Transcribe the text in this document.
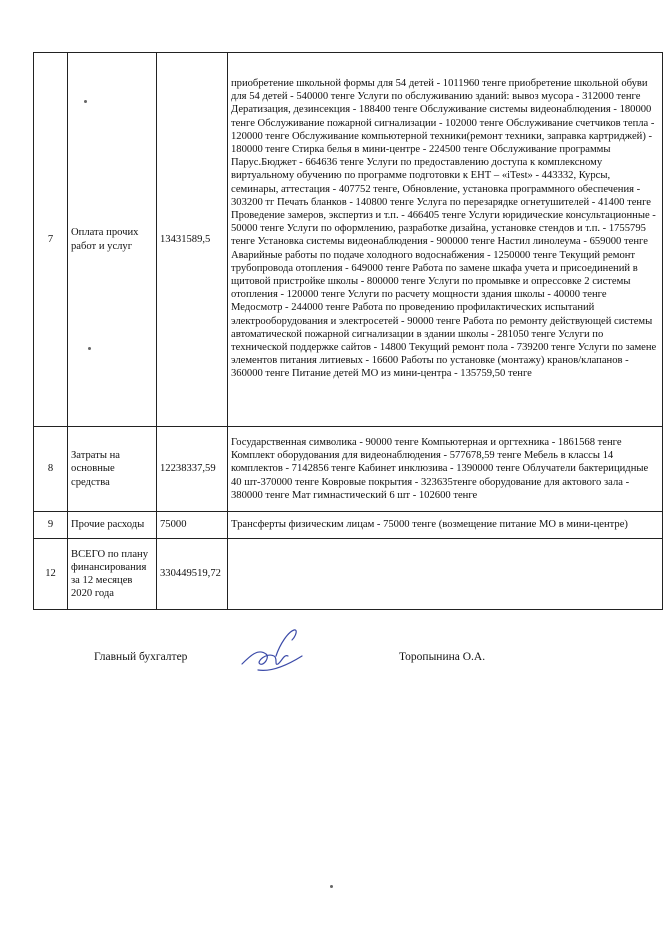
7	Оплата прочих работ и услуг	13431589,5	приобретение школьной формы для 54 детей - 1011960 тенге приобретение школьной обуви для 54 детей - 540000 тенге Услуги по обслуживанию зданий: вывоз мусора - 312000 тенге Дератизация, дезинсекция - 188400 тенге Обслуживание системы видеонаблюдения - 180000 тенге Обслуживание пожарной сигнализации - 102000 тенге Обслуживание счетчиков тепла - 120000 тенге Обслуживание компьютерной техники(ремонт техники, заправка картриджей) - 180000 тенге Стирка белья в мини-центре - 224500 тенге Обслуживание программы Парус.Бюджет - 664636 тенге Услуги по предоставлению доступа к комплексному виртуальному обучению по программе подготовки к ЕНТ – «iTest» - 443332, Курсы, семинары, аттестация - 407752 тенге, Обновление, установка программного обеспечения - 303200 тг Печать бланков - 140800 тенге Услуга по перезарядке огнетушителей - 41400 тенге Проведение замеров, экспертиз и т.п. - 466405 тенге Услуги юридические консультационные - 50000 тенге Услуги по оформлению, разработке дизайна, установке стендов и т.п. - 1755795 тенге Установка системы видеонаблюдения - 900000 тенге Настил линолеума - 659000 тенге Аварийные работы по подаче холодного водоснабжения - 1250000 тенге Текущий ремонт трубопровода отопления - 649000 тенге Работа по замене шкафа учета и присоединений в щитовой пристройке школы - 800000 тенге Услуги по промывке и опрессовке 2 системы отопления - 120000 тенге Услуги по расчету мощности здания школы - 40000 тенге Медосмотр - 244000 тенге Работа по проведению профилактических испытаний электрооборудования и электросетей - 90000 тенге Работа по ремонту действующей системы автоматической пожарной сигнализации в здании школы - 281050 тенге Услуги по технической поддержке сайтов - 14800 Текущий ремонт пола - 739200 тенге Услуги по замене элементов питания литиевых - 16600 Работы по установке (монтажу) кранов/клапанов - 360000 тенге Питание детей МО из мини-центра - 135759,50 тенге

8	Затраты на основные средства	12238337,59	Государственная символика - 90000 тенге Компьютерная и оргтехника - 1861568 тенге Комплект оборудования для видеонаблюдения - 577678,59 тенге Мебель в классы 14 комплектов - 7142856 тенге Кабинет инклюзива - 1390000 тенге Облучатели бактерицидные 40 шт-370000 тенге Ковровые покрытия - 323635тенге оборудование для актового зала - 380000 тенге Мат гимнастический 6 шт - 102600 тенге

9	Прочие расходы	75000	Трансферты физическим лицам - 75000 тенге (возмещение питание МО в мини-центре)

12	ВСЕГО по плану финансирования за 12 месяцев 2020 года	330449519,72	
Главный бухгалтер	Торопынина О.А.
